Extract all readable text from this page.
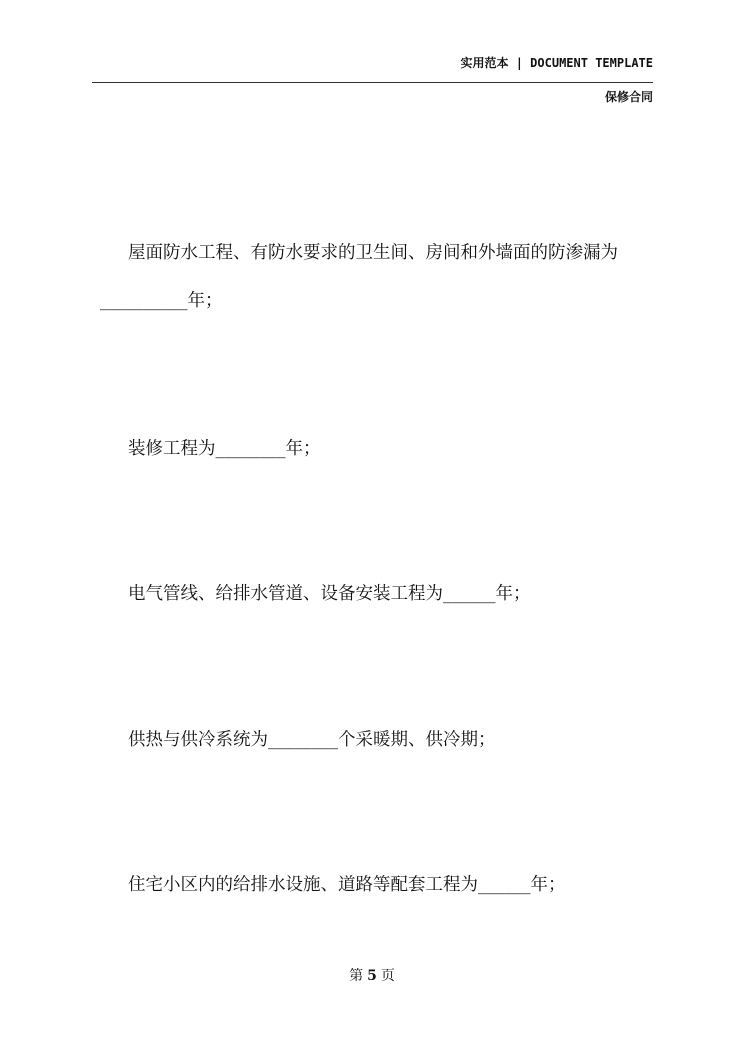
实用范本 | DOCUMENT TEMPLATE
保修合同
屋面防水工程、有防水要求的卫生间、房间和外墙面的防渗漏为__________年；
装修工程为________年；
电气管线、给排水管道、设备安装工程为______年；
供热与供冷系统为________个采暖期、供冷期；
住宅小区内的给排水设施、道路等配套工程为______年；
第 5 页
